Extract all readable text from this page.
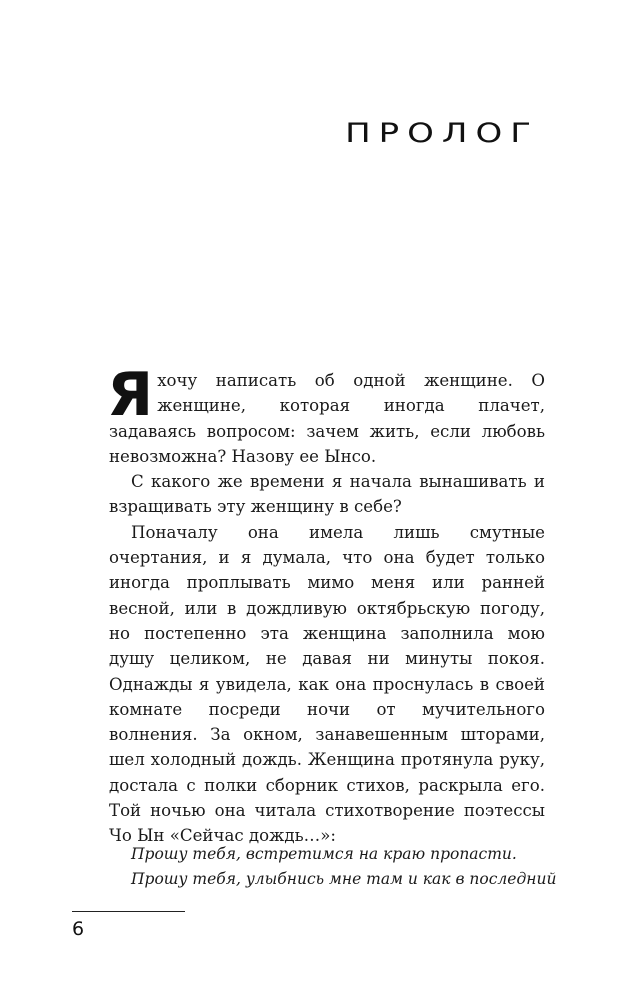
ПРОЛОГ

Яхочу написать об одной женщине. О женщине, которая иногда плачет, задаваясь вопросом: зачем жить, если любовь невозможна? Назову ее Ынсо.

С какого же времени я начала вынашивать и взращивать эту женщину в себе?

Поначалу она имела лишь смутные очертания, и я думала, что она будет только иногда проплывать мимо меня или ранней весной, или в дождливую октябрьскую погоду, но постепенно эта женщина заполнила мою душу целиком, не давая ни минуты покоя. Однажды я увидела, как она проснулась в своей комнате посреди ночи от мучительного волнения. За окном, занавешенным шторами, шел холодный дождь. Женщина протянула руку, достала с полки сборник стихов, раскрыла его. Той ночью она читала стихотворение поэтессы Чо Ын «Сейчас дождь…»:

Прошу тебя, встретимся на краю пропасти.
Прошу тебя, улыбнись мне там и как в последний
6
